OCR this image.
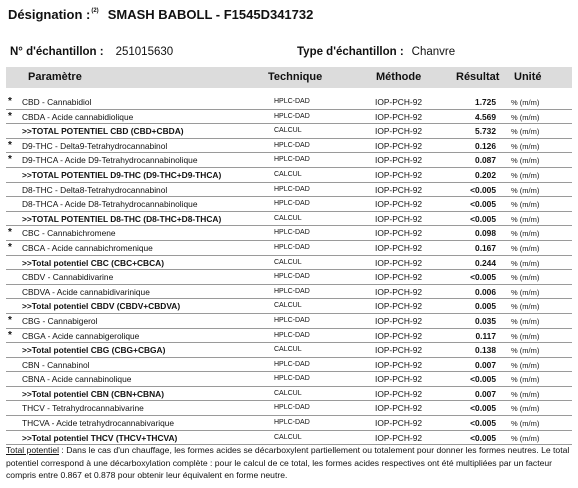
Désignation :$^{(2)}$ SMASH BABOLL - F1545D341732
N° d'échantillon : 251015630	Type d'échantillon : Chanvre
Paramètre	Technique	Méthode	Résultat Unité
* CBD - Cannabidiol	HPLC-DAD	IOP-PCH-92	1.725 % (m/m)
* CBDA - Acide cannabidiolique	HPLC-DAD	IOP-PCH-92	4.569 % (m/m)
>>TOTAL POTENTIEL CBD (CBD+CBDA)	CALCUL	IOP-PCH-92	5.732 % (m/m)
* D9-THC - Delta9-Tetrahydrocannabinol	HPLC-DAD	IOP-PCH-92	0.126 % (m/m)
* D9-THCA - Acide D9-Tetrahydrocannabinolique	HPLC-DAD	IOP-PCH-92	0.087 % (m/m)
>>TOTAL POTENTIEL D9-THC (D9-THC+D9-THCA)	CALCUL	IOP-PCH-92	0.202 % (m/m)
D8-THC - Delta8-Tetrahydrocannabinol	HPLC-DAD	IOP-PCH-92	<0.005 % (m/m)
D8-THCA - Acide D8-Tetrahydrocannabinolique	HPLC-DAD	IOP-PCH-92	<0.005 % (m/m)
>>TOTAL POTENTIEL D8-THC (D8-THC+D8-THCA)	CALCUL	IOP-PCH-92	<0.005 % (m/m)
* CBC - Cannabichromene	HPLC-DAD	IOP-PCH-92	0.098 % (m/m)
* CBCA - Acide cannabichromenique	HPLC-DAD	IOP-PCH-92	0.167 % (m/m)
>>Total potentiel CBC (CBC+CBCA)	CALCUL	IOP-PCH-92	0.244 % (m/m)
CBDV - Cannabidivarine	HPLC-DAD	IOP-PCH-92	<0.005 % (m/m)
CBDVA - Acide cannabidivarinique	HPLC-DAD	IOP-PCH-92	0.006 % (m/m)
>>Total potentiel CBDV (CBDV+CBDVA)	CALCUL	IOP-PCH-92	0.005 % (m/m)
* CBG - Cannabigerol	HPLC-DAD	IOP-PCH-92	0.035 % (m/m)
* CBGA - Acide cannabigerolique	HPLC-DAD	IOP-PCH-92	0.117 % (m/m)
>>Total potentiel CBG (CBG+CBGA)	CALCUL	IOP-PCH-92	0.138 % (m/m)
CBN - Cannabinol	HPLC-DAD	IOP-PCH-92	0.007 % (m/m)
CBNA - Acide cannabinolique	HPLC-DAD	IOP-PCH-92	<0.005 % (m/m)
>>Total potentiel CBN (CBN+CBNA)	CALCUL	IOP-PCH-92	0.007 % (m/m)
THCV - Tetrahydrocannabivarine	HPLC-DAD	IOP-PCH-92	<0.005 % (m/m)
THCVA - Acide tetrahydrocannabivarique	HPLC-DAD	IOP-PCH-92	<0.005 % (m/m)
>>Total potentiel THCV (THCV+THCVA)	CALCUL	IOP-PCH-92	<0.005 % (m/m)
Total potentiel : Dans le cas d'un chauffage, les formes acides se décarboxylent partiellement ou totalement pour donner les formes neutres. Le total potentiel correspond à une décarboxylation complète : pour le calcul de ce total, les formes acides respectives ont été multipliées par un facteur compris entre 0.867 et 0.878 pour obtenir leur équivalent en forme neutre.
